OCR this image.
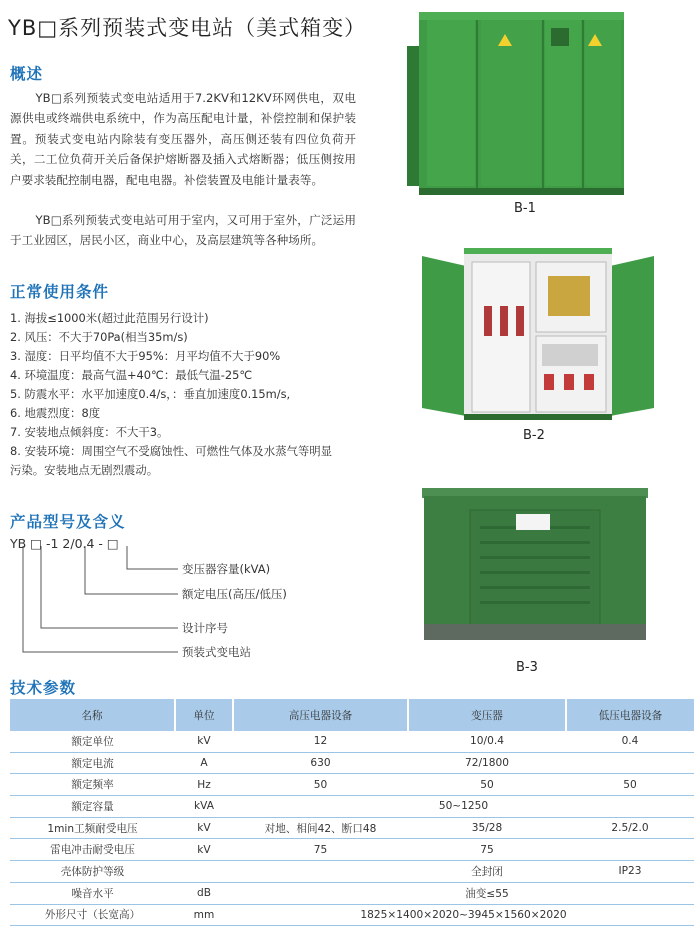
YB□系列预装式变电站（美式箱变）
概述
YB□系列预装式变电站适用于7.2KV和12KV环网供电，双电源供电或终端供电系统中，作为高压配电计量，补偿控制和保护装置。预装式变电站内除装有变压器外，高压侧还装有四位负荷开关，二工位负荷开关后备保护熔断器及插入式熔断器；低压侧按用户要求装配控制电器，配电电器。补偿装置及电能计量表等。
YB□系列预装式变电站可用于室内，又可用于室外，广泛运用于工业园区，居民小区，商业中心，及高层建筑等各种场所。
正常使用条件
1. 海拔≤1000米(超过此范围另行设计)
2. 风压：不大于70Pa(相当35m/s)
3. 湿度：日平均值不大于95%：月平均值不大于90%
4. 环境温度：最高气温+40℃：最低气温-25℃
5. 防震水平：水平加速度0.4/s，：垂直加速度0.15m/s,
6. 地震烈度：8度
7. 安装地点倾斜度：不大干3。
8. 安装环境：周围空气不受腐蚀性、可燃性气体及水蒸气等明显
污染。安装地点无剧烈震动。
产品型号及含义
YB □ -1 2/0.4 - □
变压器容量(kVA)
额定电压(高压/低压)
设计序号
预装式变电站
B-1
B-2
B-3
技术参数
名称	单位	高压电器设备	变压器	低压电器设备
额定单位	kV	12	10/0.4	0.4
额定电流	A	630	72/1800	
额定频率	Hz	50	50	50
额定容量	kVA	50~1250		
1min工频耐受电压	kV	对地、相间42、断口48	35/28	2.5/2.0
雷电冲击耐受电压	kV	75	75	
壳体防护等级			全封闭	IP23
噪音水平	dB		油变≤55	
外形尺寸（长宽高）	mm	1825×1400×2020~3945×1560×2020		
